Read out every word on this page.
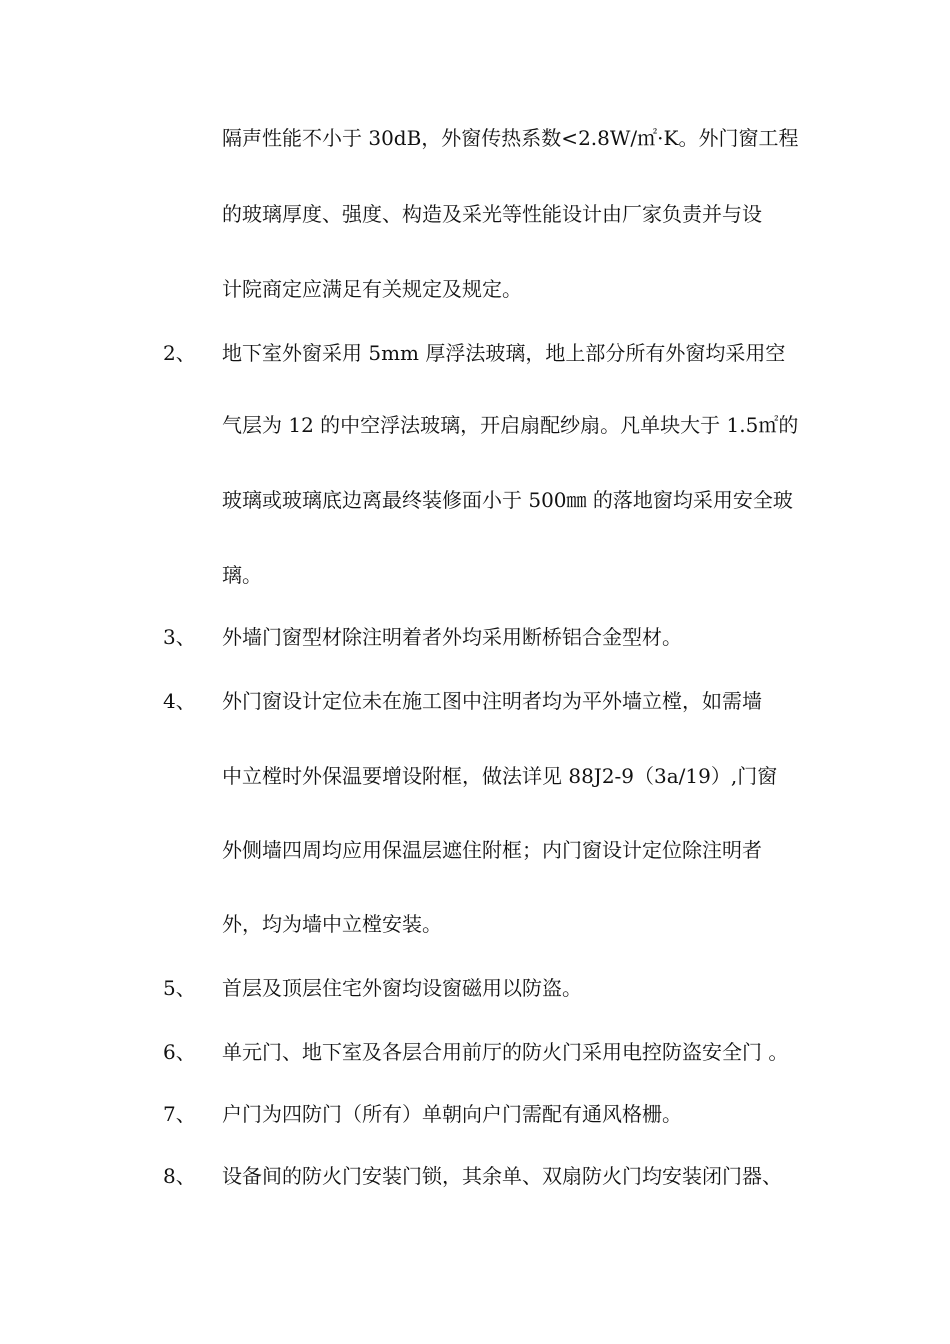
隔声性能不小于 30dB，外窗传热系数<2.8W/㎡·K。外门窗工程
的玻璃厚度、强度、构造及采光等性能设计由厂家负责并与设
计院商定应满足有关规定及规定。
2、 地下室外窗采用 5mm 厚浮法玻璃，地上部分所有外窗均采用空
气层为 12 的中空浮法玻璃，开启扇配纱扇。凡单块大于 1.5㎡的
玻璃或玻璃底边离最终装修面小于 500㎜ 的落地窗均采用安全玻
璃。
3、 外墙门窗型材除注明着者外均采用断桥铝合金型材。
4、 外门窗设计定位未在施工图中注明者均为平外墙立樘，如需墙
中立樘时外保温要增设附框，做法详见 88J2-9（3a/19）,门窗
外侧墙四周均应用保温层遮住附框；内门窗设计定位除注明者
外，均为墙中立樘安装。
5、 首层及顶层住宅外窗均设窗磁用以防盗。
6、 单元门、地下室及各层合用前厅的防火门采用电控防盗安全门 。
7、 户门为四防门（所有）单朝向户门需配有通风格栅。
8、 设备间的防火门安装门锁，其余单、双扇防火门均安装闭门器、
